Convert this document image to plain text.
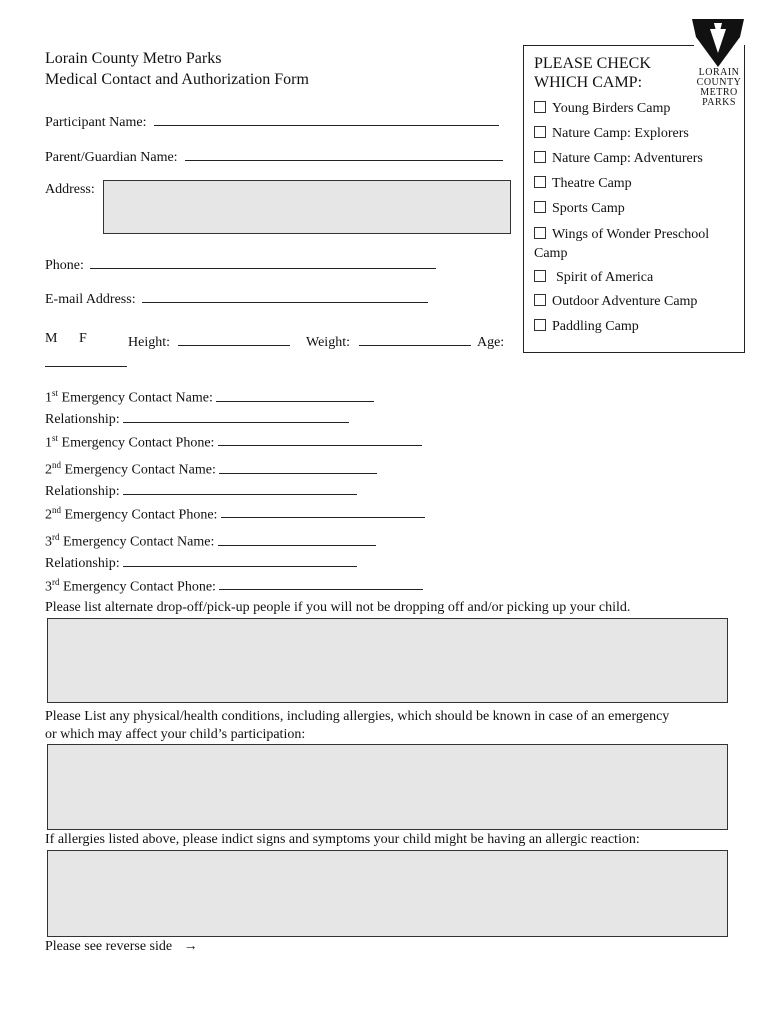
Lorain County Metro Parks
Medical Contact and Authorization Form
Participant Name:
Parent/Guardian Name:
Address:
Phone:
E-mail Address:
M F	Height:	Weight:	Age:
PLEASE CHECK
WHICH CAMP:
Young Birders Camp
Nature Camp: Explorers
Nature Camp: Adventurers
Theatre Camp
Sports Camp
Wings of Wonder Preschool
Camp
Spirit of America
Outdoor Adventure Camp
Paddling Camp
LORAIN
COUNTY
METRO
PARKS
1st Emergency Contact Name:
Relationship:
1st Emergency Contact Phone:
2nd Emergency Contact Name:
Relationship:
2nd Emergency Contact Phone:
3rd Emergency Contact Name:
Relationship:
3rd Emergency Contact Phone:
Please list alternate drop-off/pick-up people if you will not be dropping off and/or picking up your child.
Please List any physical/health conditions, including allergies, which should be known in case of an emergency
or which may affect your child’s participation:
If allergies listed above, please indict signs and symptoms your child might be having an allergic reaction:
Please see reverse side →
